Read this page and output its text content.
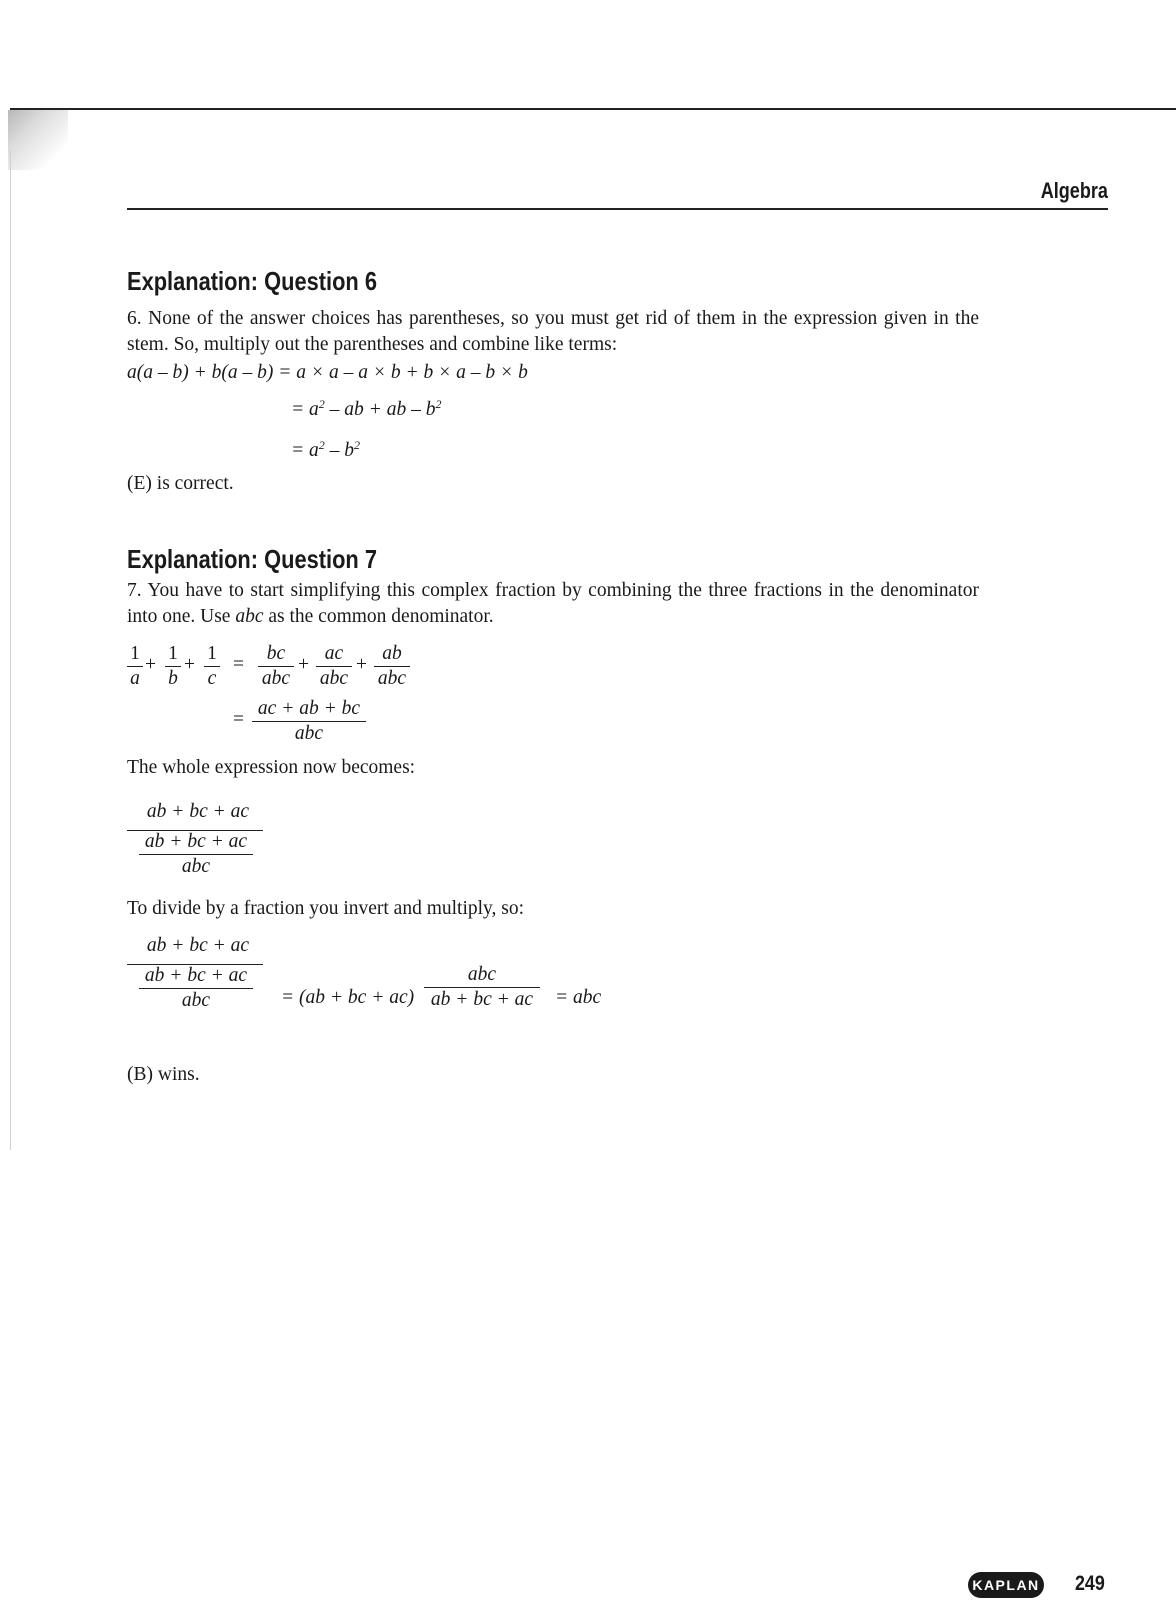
Algebra
Explanation: Question 6
6. None of the answer choices has parentheses, so you must get rid of them in the expression given in the stem. So, multiply out the parentheses and combine like terms:
a(a – b) + b(a – b) = a × a – a × b + b × a – b × b
= $a^2$ – ab + ab – $b^2$
= $a^2 - b^2$
(E) is correct.
Explanation: Question 7
7. You have to start simplifying this complex fraction by combining the three fractions in the denominator into one. Use abc as the common denominator.
1
a
+
1
b
+
1
c
=
bc
abc
+
ac
abc
+
ab
abc
=
ac + ab + bc
abc
The whole expression now becomes:
ab + bc + ac
ab + bc + ac
abc
To divide by a fraction you invert and multiply, so:
ab + bc + ac
ab + bc + ac
abc	= (ab + bc + ac)
abc
ab + bc + ac	= abc
(B) wins.
KAPLAN 249
